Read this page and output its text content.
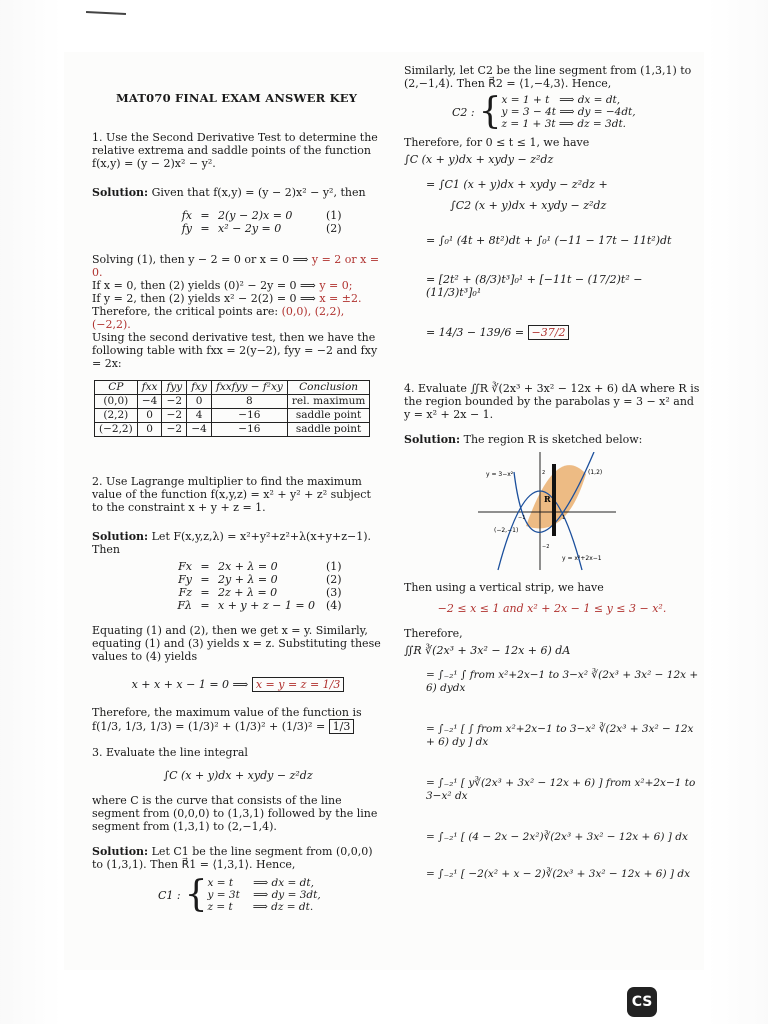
MAT070 FINAL EXAM ANSWER KEY

1. Use the Second Derivative Test to determine the relative extrema and saddle points of the function f(x,y) = (y − 2)x² − y².

Solution: Given that f(x,y) = (y − 2)x² − y², then

fx = 2(y − 2)x = 0	(1)
fy = x² − 2y = 0	(2)

Solving (1), then y − 2 = 0 or x = 0 ⟹ y = 2 or x = 0.

If x = 0, then (2) yields (0)² − 2y = 0 ⟹ y = 0;

If y = 2, then (2) yields x² − 2(2) = 0 ⟹ x = ±2.

Therefore, the critical points are: (0,0), (2,2), (−2,2).

Using the second derivative test, then we have the following table with fxx = 2(y−2), fyy = −2 and fxy = 2x:

CP	fxx	fyy	fxy	fxxfyy − f²xy	Conclusion
(0,0)	−4	−2	0	8	rel. maximum
(2,2)	0	−2	4	−16	saddle point
(−2,2)	0	−2	−4	−16	saddle point

2. Use Lagrange multiplier to find the maximum value of the function f(x,y,z) = x² + y² + z² subject to the constraint x + y + z = 1.

Solution: Let F(x,y,z,λ) = x²+y²+z²+λ(x+y+z−1). Then

Fx = 2x + λ = 0	(1)
Fy = 2y + λ = 0	(2)
Fz = 2z + λ = 0	(3)
Fλ = x + y + z − 1 = 0 (4)

Equating (1) and (2), then we get x = y. Similarly, equating (1) and (3) yields x = z. Substituting these values to (4) yields

x + x + x − 1 = 0 ⟹ x = y = z = 1/3

Therefore, the maximum value of the function is f(1/3, 1/3, 1/3) = (1/3)² + (1/3)² + (1/3)² = 1/3

3. Evaluate the line integral

∫C (x + y)dx + xydy − z²dz

where C is the curve that consists of the line segment from (0,0,0) to (1,3,1) followed by the line segment from (1,3,1) to (2,−1,4).

Solution: Let C1 be the line segment from (0,0,0) to (1,3,1). Then R⃗1 = ⟨1,3,1⟩. Hence,

C1 : { x = t      ⟹ dx = dt,
y = 3t    ⟹ dy = 3dt,
z = t      ⟹ dz = dt.

Similarly, let C2 be the line segment from (1,3,1) to (2,−1,4). Then R⃗2 = ⟨1,−4,3⟩. Hence,

C2 : { x = 1 + t   ⟹ dx = dt,
y = 3 − 4t ⟹ dy = −4dt,
z = 1 + 3t ⟹ dz = 3dt.

Therefore, for 0 ≤ t ≤ 1, we have

∫C (x + y)dx + xydy − z²dz

= ∫C1 (x + y)dx + xydy − z²dz +

∫C2 (x + y)dx + xydy − z²dz

= ∫₀¹ (4t + 8t²)dt + ∫₀¹ (−11 − 17t − 11t²)dt

= [2t² + (8/3)t³]₀¹ + [−11t − (17/2)t² − (11/3)t³]₀¹

= 14/3 − 139/6 = −37/2

4. Evaluate ∬R ∛(2x³ + 3x² − 12x + 6) dA where R is the region bounded by the parabolas y = 3 − x² and y = x² + 2x − 1.

Solution: The region R is sketched below:

y = 3−x²
y = x²+2x−1
(1,2)
(−2,−1)
R
2
−2
1
−1

Then using a vertical strip, we have

−2 ≤ x ≤ 1 and x² + 2x − 1 ≤ y ≤ 3 − x².

Therefore,

∬R ∛(2x³ + 3x² − 12x + 6) dA

= ∫₋₂¹ ∫ from x²+2x−1 to 3−x² ∛(2x³ + 3x² − 12x + 6) dydx

= ∫₋₂¹ [ ∫ from x²+2x−1 to 3−x² ∛(2x³ + 3x² − 12x + 6) dy ] dx

= ∫₋₂¹ [ y∛(2x³ + 3x² − 12x + 6) ] from x²+2x−1 to 3−x² dx

= ∫₋₂¹ [ (4 − 2x − 2x²)∛(2x³ + 3x² − 12x + 6) ] dx

= ∫₋₂¹ [ −2(x² + x − 2)∛(2x³ + 3x² − 12x + 6) ] dx

CS
